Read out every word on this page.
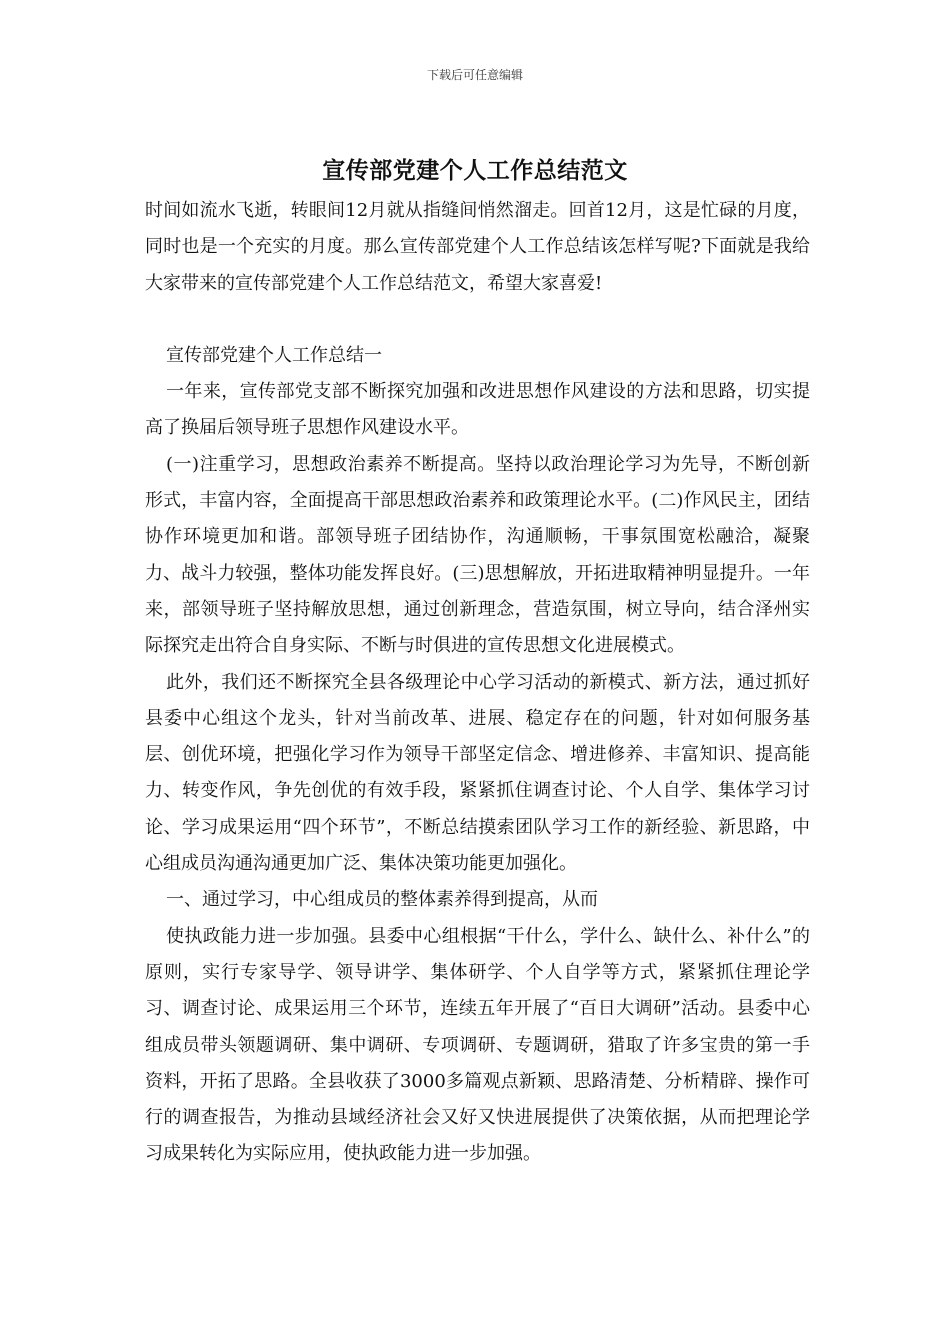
下载后可任意编辑
宣传部党建个人工作总结范文

时间如流水飞逝，转眼间12月就从指缝间悄然溜走。回首12月，这是忙碌的月度，同时也是一个充实的月度。那么宣传部党建个人工作总结该怎样写呢?下面就是我给大家带来的宣传部党建个人工作总结范文，希望大家喜爱!

宣传部党建个人工作总结一

一年来，宣传部党支部不断探究加强和改进思想作风建设的方法和思路，切实提高了换届后领导班子思想作风建设水平。

(一)注重学习，思想政治素养不断提高。坚持以政治理论学习为先导，不断创新形式，丰富内容，全面提高干部思想政治素养和政策理论水平。(二)作风民主，团结协作环境更加和谐。部领导班子团结协作，沟通顺畅，干事氛围宽松融洽，凝聚力、战斗力较强，整体功能发挥良好。(三)思想解放，开拓进取精神明显提升。一年来，部领导班子坚持解放思想，通过创新理念，营造氛围，树立导向，结合泽州实际探究走出符合自身实际、不断与时俱进的宣传思想文化进展模式。

此外，我们还不断探究全县各级理论中心学习活动的新模式、新方法，通过抓好县委中心组这个龙头，针对当前改革、进展、稳定存在的问题，针对如何服务基层、创优环境，把强化学习作为领导干部坚定信念、增进修养、丰富知识、提高能力、转变作风，争先创优的有效手段，紧紧抓住调查讨论、个人自学、集体学习讨论、学习成果运用“四个环节”，不断总结摸索团队学习工作的新经验、新思路，中心组成员沟通沟通更加广泛、集体决策功能更加强化。

一、通过学习，中心组成员的整体素养得到提高，从而

使执政能力进一步加强。县委中心组根据“干什么，学什么、缺什么、补什么”的原则，实行专家导学、领导讲学、集体研学、个人自学等方式，紧紧抓住理论学习、调查讨论、成果运用三个环节，连续五年开展了“百日大调研”活动。县委中心组成员带头领题调研、集中调研、专项调研、专题调研，猎取了许多宝贵的第一手资料，开拓了思路。全县收获了3000多篇观点新颖、思路清楚、分析精辟、操作可行的调查报告，为推动县域经济社会又好又快进展提供了决策依据，从而把理论学习成果转化为实际应用，使执政能力进一步加强。
